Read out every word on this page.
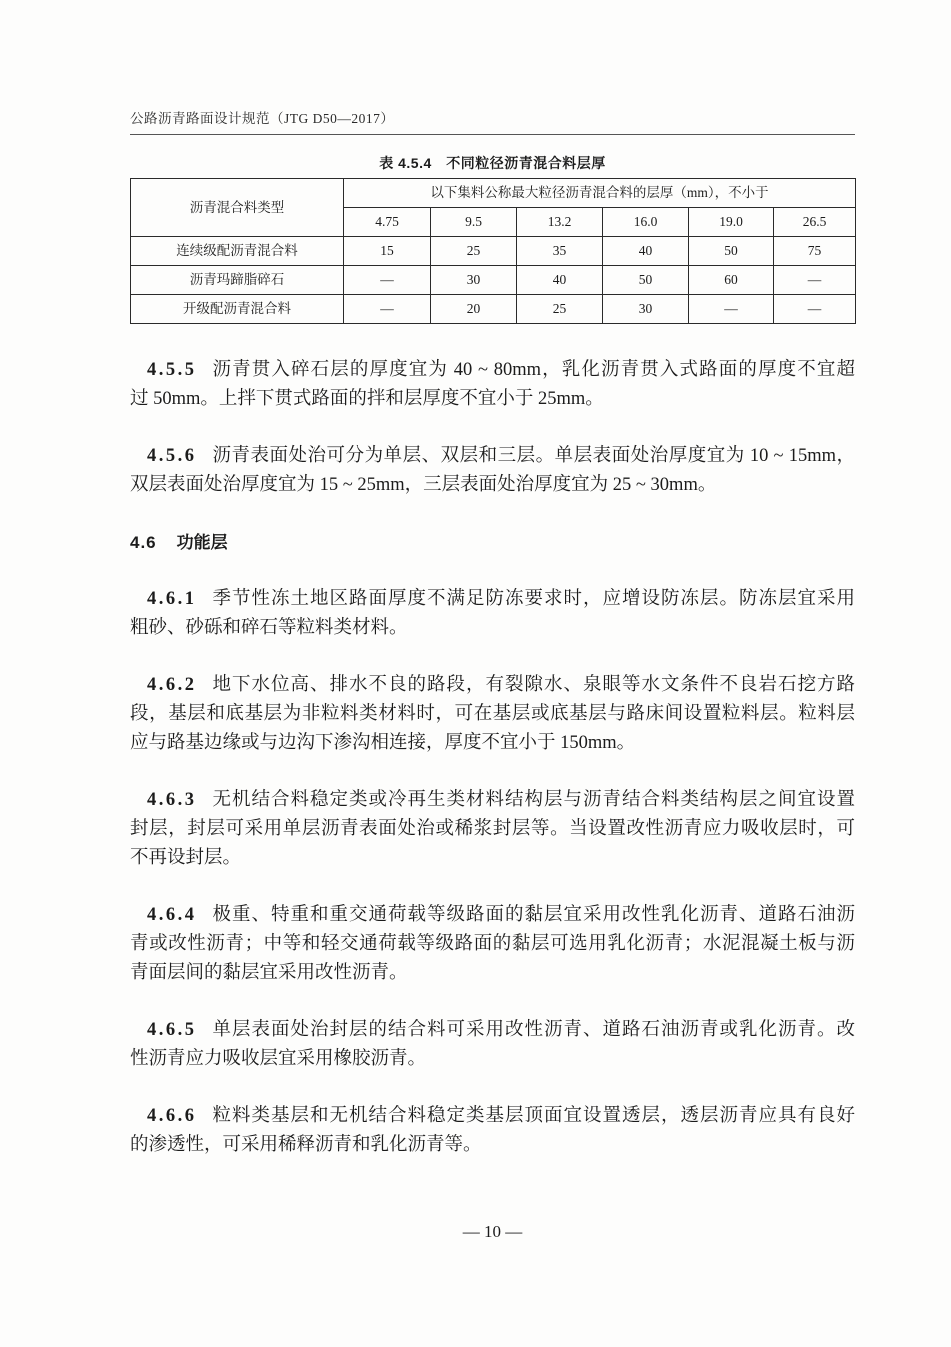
公路沥青路面设计规范（JTG D50—2017）
表 4.5.4　不同粒径沥青混合料层厚
沥青混合料类型	以下集料公称最大粒径沥青混合料的层厚（mm），不小于					
	4.75	9.5	13.2	16.0	19.0	26.5
连续级配沥青混合料	15	25	35	40	50	75
沥青玛蹄脂碎石	—	30	40	50	60	—
开级配沥青混合料	—	20	25	30	—	—
4.5.5 沥青贯入碎石层的厚度宜为 40 ~ 80mm，乳化沥青贯入式路面的厚度不宜超
过 50mm。上拌下贯式路面的拌和层厚度不宜小于 25mm。
4.5.6 沥青表面处治可分为单层、双层和三层。单层表面处治厚度宜为 10 ~ 15mm，
双层表面处治厚度宜为 15 ~ 25mm，三层表面处治厚度宜为 25 ~ 30mm。
4.6 功能层
4.6.1 季节性冻土地区路面厚度不满足防冻要求时，应增设防冻层。防冻层宜采用
粗砂、砂砾和碎石等粒料类材料。
4.6.2 地下水位高、排水不良的路段，有裂隙水、泉眼等水文条件不良岩石挖方路
段，基层和底基层为非粒料类材料时，可在基层或底基层与路床间设置粒料层。粒料层
应与路基边缘或与边沟下渗沟相连接，厚度不宜小于 150mm。
4.6.3 无机结合料稳定类或冷再生类材料结构层与沥青结合料类结构层之间宜设置
封层，封层可采用单层沥青表面处治或稀浆封层等。当设置改性沥青应力吸收层时，可
不再设封层。
4.6.4 极重、特重和重交通荷载等级路面的黏层宜采用改性乳化沥青、道路石油沥
青或改性沥青；中等和轻交通荷载等级路面的黏层可选用乳化沥青；水泥混凝土板与沥
青面层间的黏层宜采用改性沥青。
4.6.5 单层表面处治封层的结合料可采用改性沥青、道路石油沥青或乳化沥青。改
性沥青应力吸收层宜采用橡胶沥青。
4.6.6 粒料类基层和无机结合料稳定类基层顶面宜设置透层，透层沥青应具有良好
的渗透性，可采用稀释沥青和乳化沥青等。
— 10 —
